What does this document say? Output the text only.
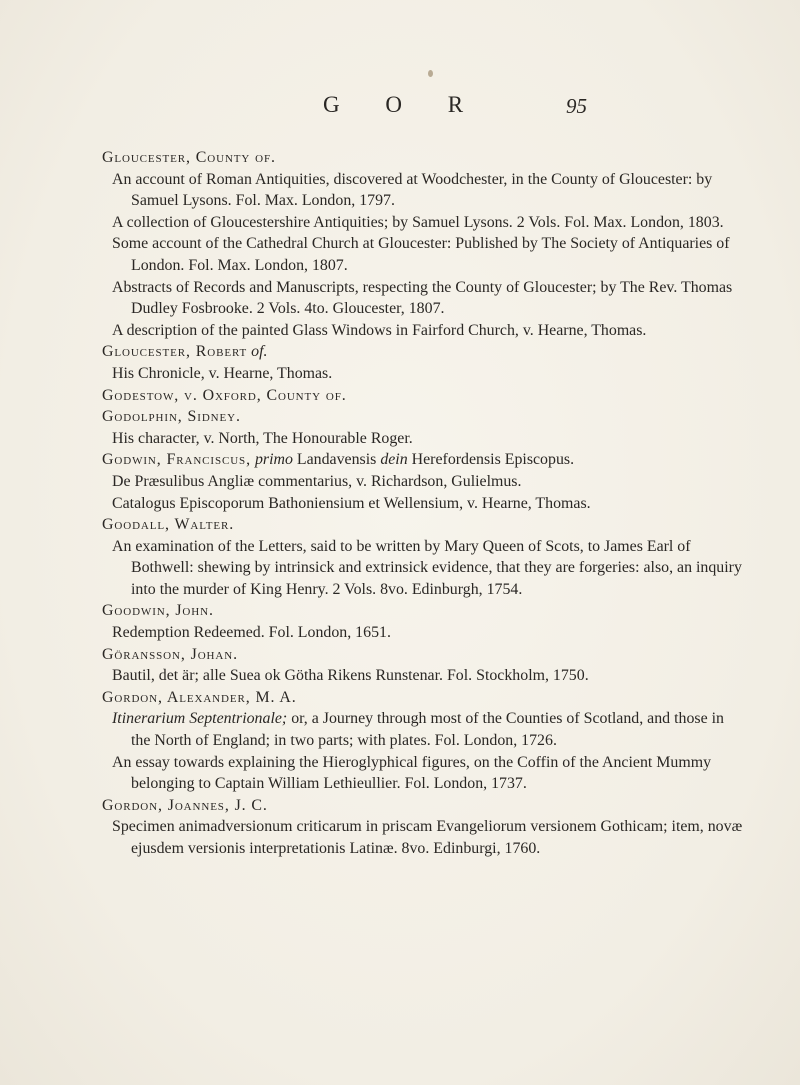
G O R	95

Gloucester, County of.

An account of Roman Antiquities, discovered at Woodchester, in the County of Gloucester: by Samuel Lysons. Fol. Max. London, 1797.

A collection of Gloucestershire Antiquities; by Samuel Lysons. 2 Vols. Fol. Max. London, 1803.

Some account of the Cathedral Church at Gloucester: Published by The Society of Antiquaries of London. Fol. Max. London, 1807.

Abstracts of Records and Manuscripts, respecting the County of Gloucester; by The Rev. Thomas Dudley Fosbrooke. 2 Vols. 4to. Gloucester, 1807.

A description of the painted Glass Windows in Fairford Church, v. Hearne, Thomas.

Gloucester, Robert of.

His Chronicle, v. Hearne, Thomas.

Godestow, v. Oxford, County of.

Godolphin, Sidney.

His character, v. North, The Honourable Roger.

Godwin, Franciscus, primo Landavensis dein Herefordensis Episcopus.

De Præsulibus Angliæ commentarius, v. Richardson, Gulielmus.

Catalogus Episcoporum Bathoniensium et Wellensium, v. Hearne, Thomas.

Goodall, Walter.

An examination of the Letters, said to be written by Mary Queen of Scots, to James Earl of Bothwell: shewing by intrinsick and extrinsick evidence, that they are forgeries: also, an inquiry into the murder of King Henry. 2 Vols. 8vo. Edinburgh, 1754.

Goodwin, John.

Redemption Redeemed. Fol. London, 1651.

Göransson, Johan.

Bautil, det är; alle Suea ok Götha Rikens Runstenar. Fol. Stockholm, 1750.

Gordon, Alexander, M. A.

Itinerarium Septentrionale; or, a Journey through most of the Counties of Scotland, and those in the North of England; in two parts; with plates. Fol. London, 1726.

An essay towards explaining the Hieroglyphical figures, on the Coffin of the Ancient Mummy belonging to Captain William Lethieullier. Fol. London, 1737.

Gordon, Joannes, J. C.

Specimen animadversionum criticarum in priscam Evangeliorum versionem Gothicam; item, novæ ejusdem versionis interpretationis Latinæ. 8vo. Edinburgi, 1760.
